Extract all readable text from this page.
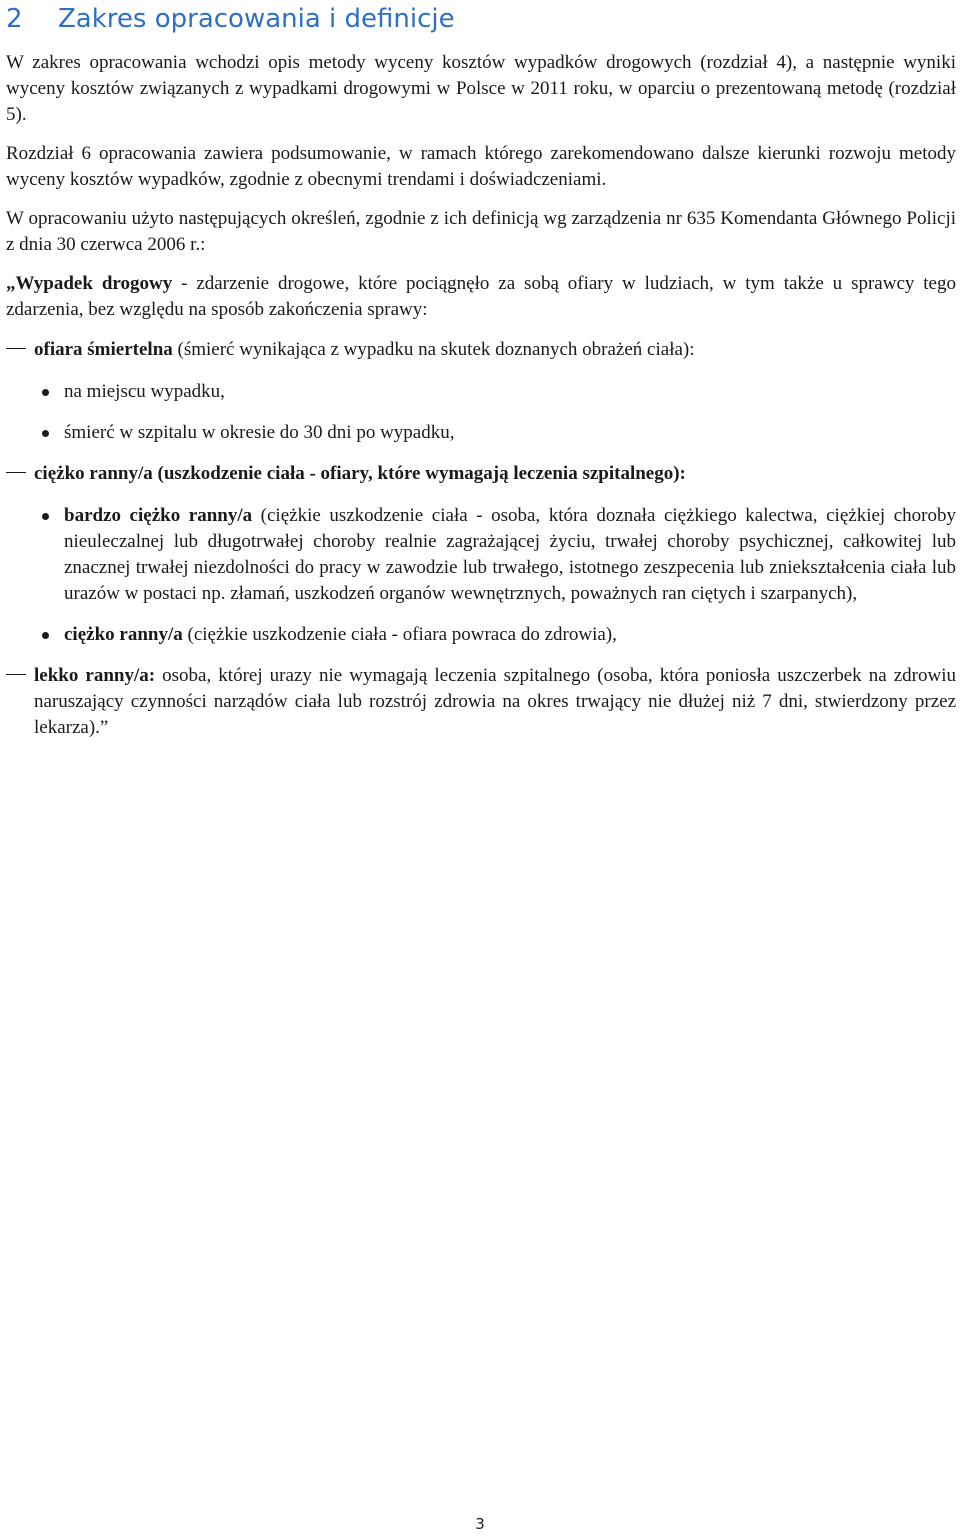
2	Zakres opracowania i definicje

W zakres opracowania wchodzi opis metody wyceny kosztów wypadków drogowych (rozdział 4), a następnie wyniki wyceny kosztów związanych z wypadkami drogowymi w Polsce w 2011 roku, w oparciu o prezentowaną metodę (rozdział 5).

Rozdział 6 opracowania zawiera podsumowanie, w ramach którego zarekomendowano dalsze kierunki rozwoju metody wyceny kosztów wypadków, zgodnie z obecnymi trendami i doświadczeniami.

W opracowaniu użyto następujących określeń, zgodnie z ich definicją wg zarządzenia nr 635 Komendanta Głównego Policji z dnia 30 czerwca 2006 r.:

„Wypadek drogowy - zdarzenie drogowe, które pociągnęło za sobą ofiary w ludziach, w tym także u sprawcy tego zdarzenia, bez względu na sposób zakończenia sprawy:

ofiara śmiertelna (śmierć wynikająca z wypadku na skutek doznanych obrażeń ciała):
na miejscu wypadku,
śmierć w szpitalu w okresie do 30 dni po wypadku,
ciężko ranny/a (uszkodzenie ciała - ofiary, które wymagają leczenia szpitalnego):
bardzo ciężko ranny/a (ciężkie uszkodzenie ciała - osoba, która doznała ciężkiego kalectwa, ciężkiej choroby nieuleczalnej lub długotrwałej choroby realnie zagrażającej życiu, trwałej choroby psychicznej, całkowitej lub znacznej trwałej niezdolności do pracy w zawodzie lub trwałego, istotnego zeszpecenia lub zniekształcenia ciała lub urazów w postaci np. złamań, uszkodzeń organów wewnętrznych, poważnych ran ciętych i szarpanych),
ciężko ranny/a (ciężkie uszkodzenie ciała - ofiara powraca do zdrowia),
lekko ranny/a: osoba, której urazy nie wymagają leczenia szpitalnego (osoba, która poniosła uszczerbek na zdrowiu naruszający czynności narządów ciała lub rozstrój zdrowia na okres trwający nie dłużej niż 7 dni, stwierdzony przez lekarza).”
3
